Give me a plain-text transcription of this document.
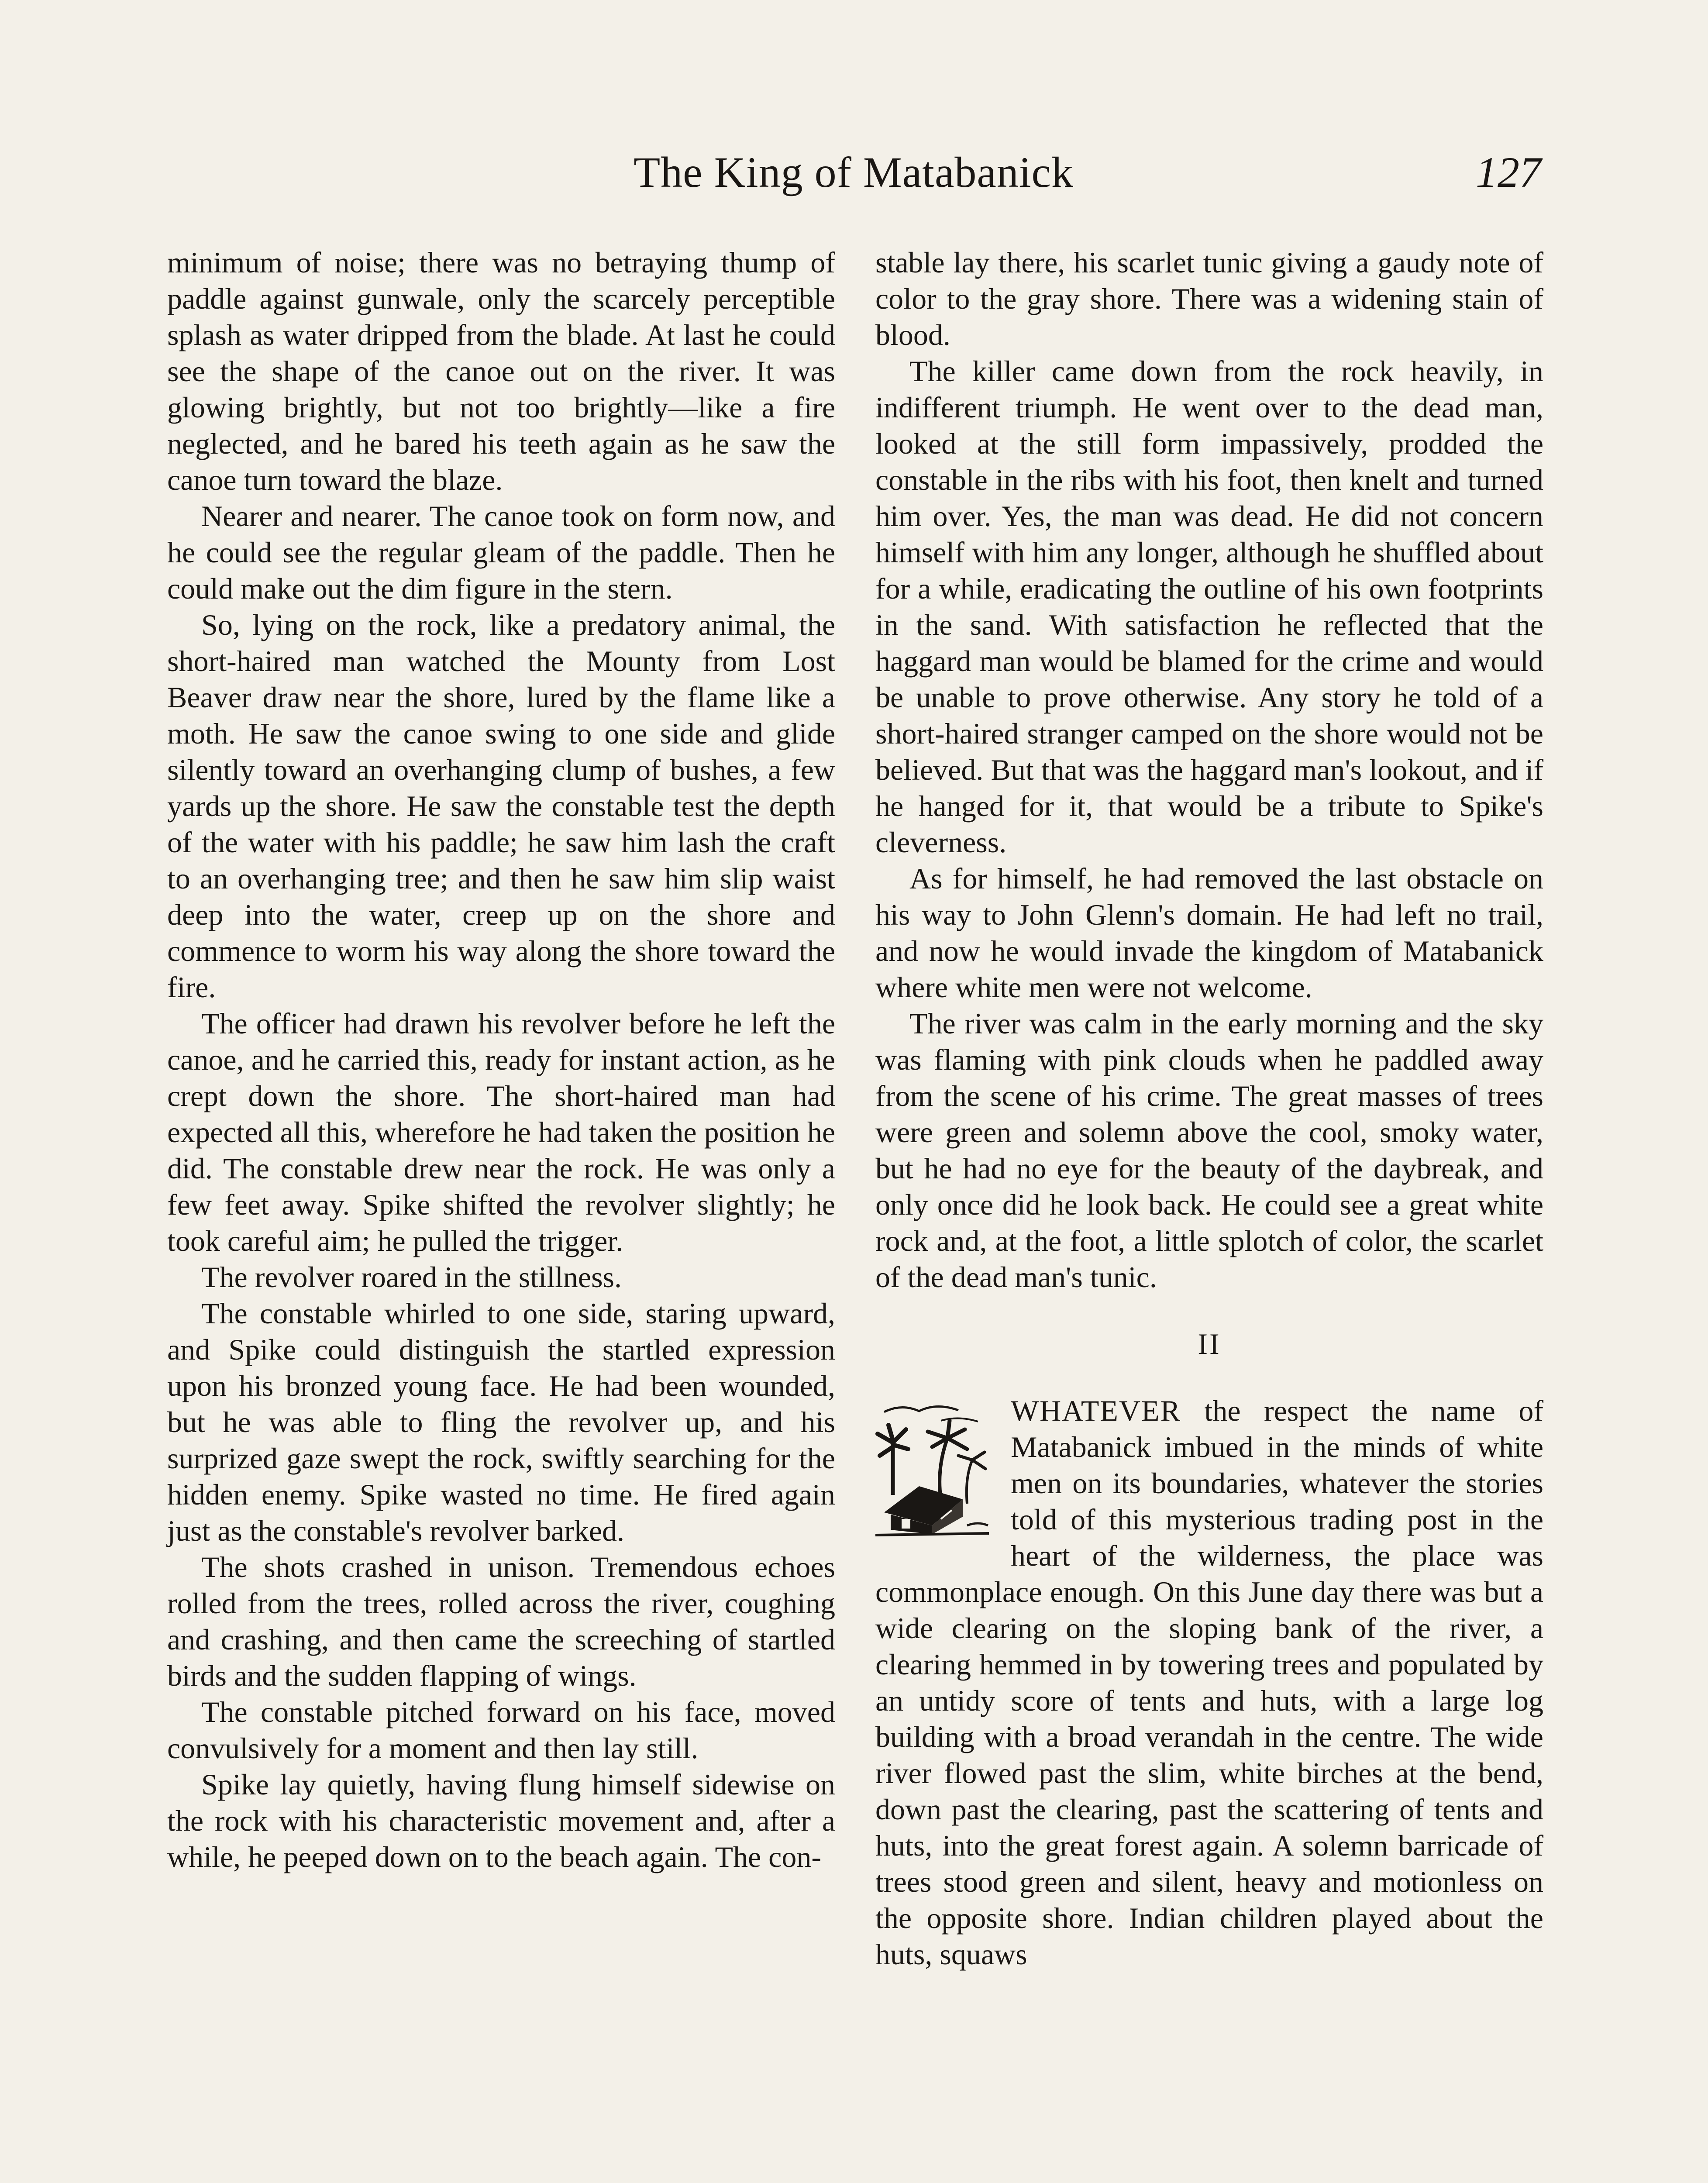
The King of Matabanick	127

minimum of noise; there was no betraying thump of paddle against gunwale, only the scarcely perceptible splash as water dripped from the blade. At last he could see the shape of the canoe out on the river. It was glowing brightly, but not too brightly—like a fire neglected, and he bared his teeth again as he saw the canoe turn toward the blaze.

Nearer and nearer. The canoe took on form now, and he could see the regular gleam of the paddle. Then he could make out the dim figure in the stern.

So, lying on the rock, like a predatory animal, the short-haired man watched the Mounty from Lost Beaver draw near the shore, lured by the flame like a moth. He saw the canoe swing to one side and glide silently toward an overhanging clump of bushes, a few yards up the shore. He saw the constable test the depth of the water with his paddle; he saw him lash the craft to an overhanging tree; and then he saw him slip waist deep into the water, creep up on the shore and commence to worm his way along the shore toward the fire.

The officer had drawn his revolver before he left the canoe, and he carried this, ready for instant action, as he crept down the shore. The short-haired man had expected all this, wherefore he had taken the position he did. The constable drew near the rock. He was only a few feet away. Spike shifted the revolver slightly; he took careful aim; he pulled the trigger.

The revolver roared in the stillness.

The constable whirled to one side, staring upward, and Spike could distinguish the startled expression upon his bronzed young face. He had been wounded, but he was able to fling the revolver up, and his surprized gaze swept the rock, swiftly searching for the hidden enemy. Spike wasted no time. He fired again just as the constable's revolver barked.

The shots crashed in unison. Tremendous echoes rolled from the trees, rolled across the river, coughing and crashing, and then came the screeching of startled birds and the sudden flapping of wings.

The constable pitched forward on his face, moved convulsively for a moment and then lay still.

Spike lay quietly, having flung himself sidewise on the rock with his characteristic movement and, after a while, he peeped down on to the beach again. The con-

stable lay there, his scarlet tunic giving a gaudy note of color to the gray shore. There was a widening stain of blood.

The killer came down from the rock heavily, in indifferent triumph. He went over to the dead man, looked at the still form impassively, prodded the constable in the ribs with his foot, then knelt and turned him over. Yes, the man was dead. He did not concern himself with him any longer, although he shuffled about for a while, eradicating the outline of his own footprints in the sand. With satisfaction he reflected that the haggard man would be blamed for the crime and would be unable to prove otherwise. Any story he told of a short-haired stranger camped on the shore would not be believed. But that was the haggard man's lookout, and if he hanged for it, that would be a tribute to Spike's cleverness.

As for himself, he had removed the last obstacle on his way to John Glenn's domain. He had left no trail, and now he would invade the kingdom of Matabanick where white men were not welcome.

The river was calm in the early morning and the sky was flaming with pink clouds when he paddled away from the scene of his crime. The great masses of trees were green and solemn above the cool, smoky water, but he had no eye for the beauty of the daybreak, and only once did he look back. He could see a great white rock and, at the foot, a little splotch of color, the scarlet of the dead man's tunic.

II

WHATEVER the respect the name of Matabanick imbued in the minds of white men on its boundaries, whatever the stories told of this mysterious trading post in the heart of the wilderness, the place was commonplace enough. On this June day there was but a wide clearing on the sloping bank of the river, a clearing hemmed in by towering trees and populated by an untidy score of tents and huts, with a large log building with a broad verandah in the centre. The wide river flowed past the slim, white birches at the bend, down past the clearing, past the scattering of tents and huts, into the great forest again. A solemn barricade of trees stood green and silent, heavy and motionless on the opposite shore. Indian children played about the huts, squaws
